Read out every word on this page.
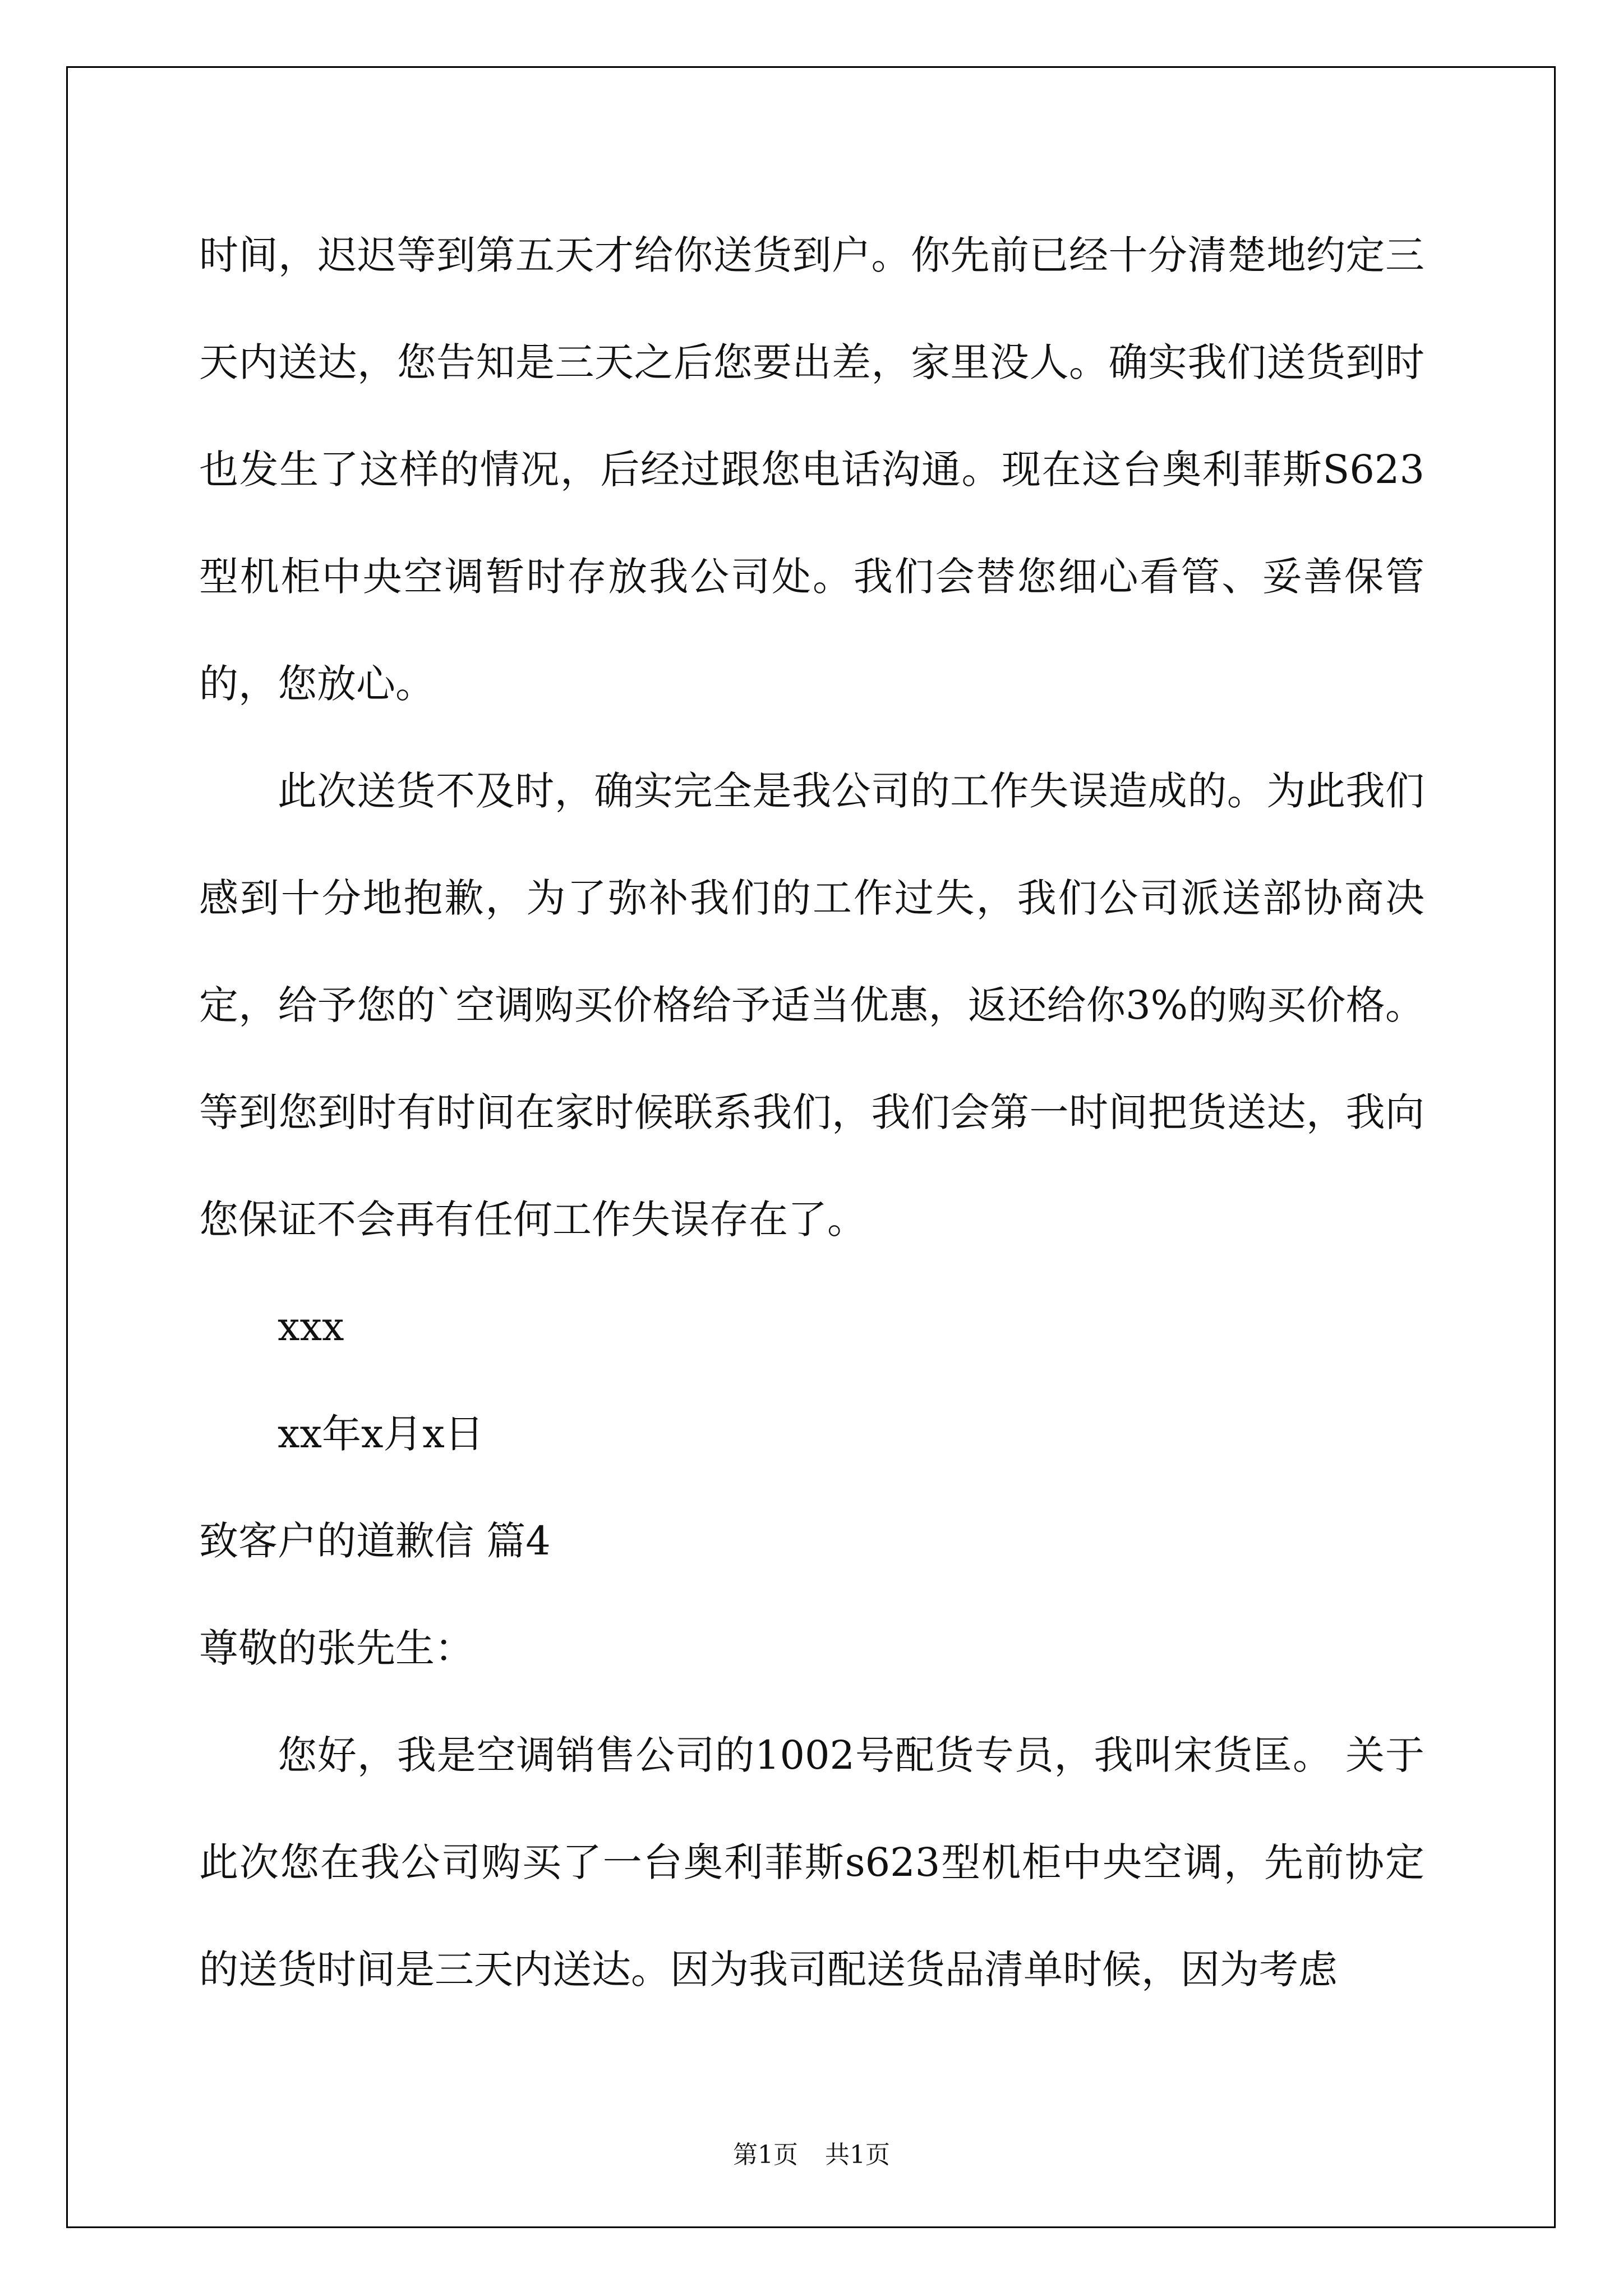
时间，迟迟等到第五天才给你送货到户。你先前已经十分清楚地约定三天内送达，您告知是三天之后您要出差，家里没人。确实我们送货到时也发生了这样的情况，后经过跟您电话沟通。现在这台奥利菲斯S623型机柜中央空调暂时存放我公司处。我们会替您细心看管、妥善保管的，您放心。

此次送货不及时，确实完全是我公司的工作失误造成的。为此我们感到十分地抱歉，为了弥补我们的工作过失，我们公司派送部协商决定，给予您的`空调购买价格给予适当优惠，返还给你3%的购买价格。等到您到时有时间在家时候联系我们，我们会第一时间把货送达，我向您保证不会再有任何工作失误存在了。

xxx

xx年x月x日

致客户的道歉信 篇4

尊敬的张先生：

您好，我是空调销售公司的1002号配货专员，我叫宋货匡。 关于此次您在我公司购买了一台奥利菲斯s623型机柜中央空调，先前协定的送货时间是三天内送达。因为我司配送货品清单时候，因为考虑

第1页 共1页
